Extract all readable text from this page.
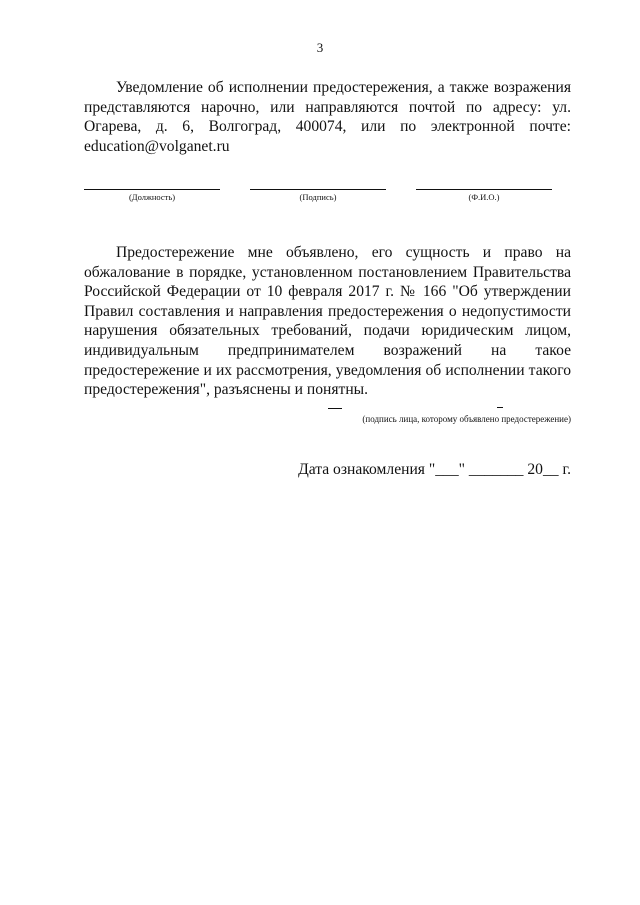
3

Уведомление об исполнении предостережения, а также возражения представляются нарочно, или направляются почтой по адресу: ул. Огарева, д. 6, Волгоград, 400074, или по электронной почте: education@volganet.ru

(Должность)	(Подпись)	(Ф.И.О.)

Предостережение мне объявлено, его сущность и право на обжалование в порядке, установленном постановлением Правительства Российской Федерации от 10 февраля 2017 г. № 166 "Об утверждении Правил составления и направления предостережения о недопустимости нарушения обязательных требований, подачи юридическим лицом, индивидуальным предпринимателем возражений на такое предостережение и их рассмотрения, уведомления об исполнении такого предостережения", разъяснены и понятны.

(подпись лица, которому объявлено предостережение)
Дата ознакомления "___" _______ 20__ г.
